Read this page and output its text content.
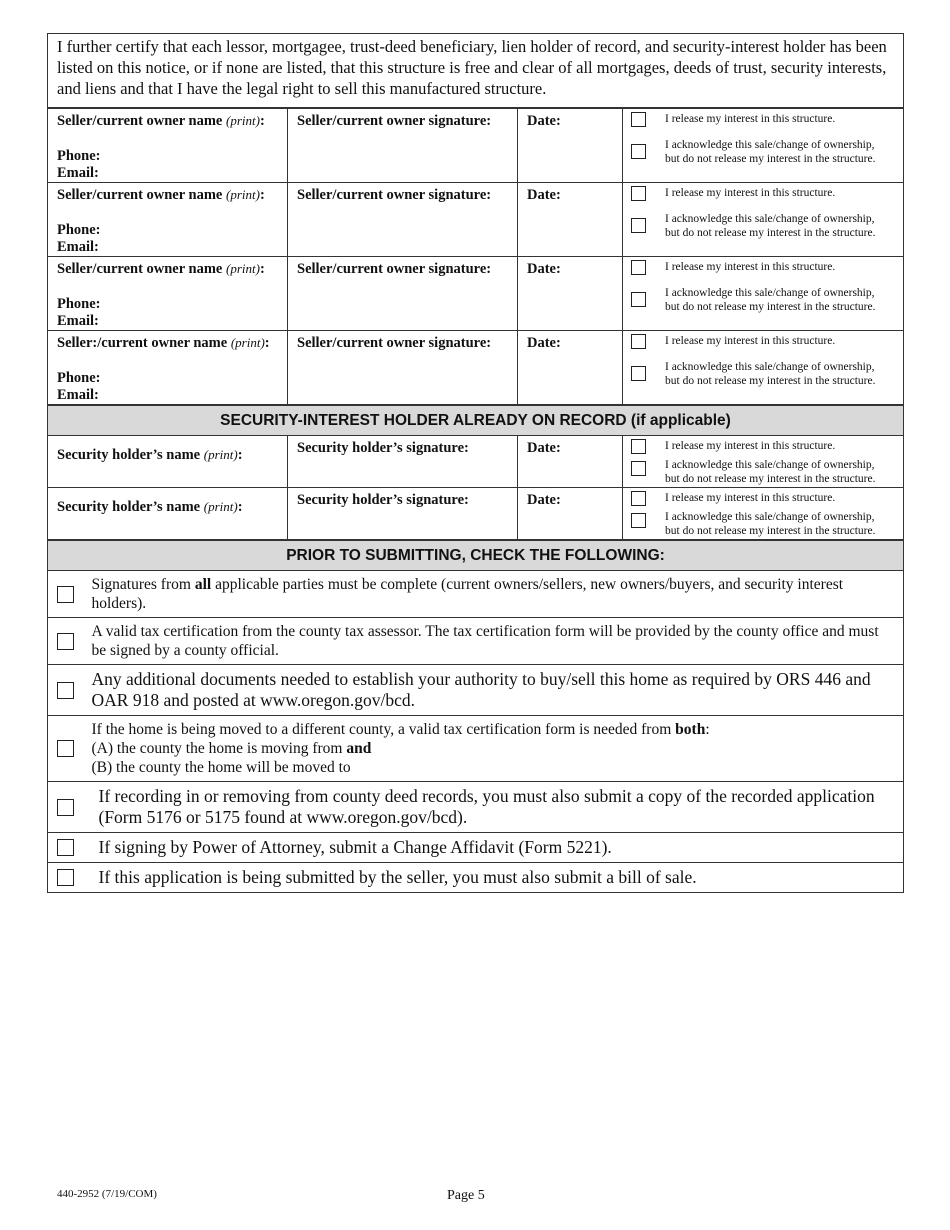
I further certify that each lessor, mortgagee, trust-deed beneficiary, lien holder of record, and security-interest holder has been listed on this notice, or if none are listed, that this structure is free and clear of all mortgages, deeds of trust, security interests, and liens and that I have the legal right to sell this manufactured structure.
Seller/current owner name (print):
Phone:
Email:	Seller/current owner signature:	Date:	I release my interest in this structure.
I acknowledge this sale/change of ownership,
but do not release my interest in the structure.

Seller/current owner name (print):
Phone:
Email:	Seller/current owner signature:	Date:	I release my interest in this structure.
I acknowledge this sale/change of ownership,
but do not release my interest in the structure.

Seller/current owner name (print):
Phone:
Email:	Seller/current owner signature:	Date:	I release my interest in this structure.
I acknowledge this sale/change of ownership,
but do not release my interest in the structure.

Seller:/current owner name (print):
Phone:
Email:	Seller/current owner signature:	Date:	I release my interest in this structure.
I acknowledge this sale/change of ownership,
but do not release my interest in the structure.
SECURITY-INTEREST HOLDER ALREADY ON RECORD (if applicable)			

Security holder’s name (print):	Security holder’s signature:	Date:	I release my interest in this structure.
I acknowledge this sale/change of ownership,
but do not release my interest in the structure.

Security holder’s name (print):	Security holder’s signature:	Date:	I release my interest in this structure.
I acknowledge this sale/change of ownership,
but do not release my interest in the structure.
PRIOR TO SUBMITTING, CHECK THE FOLLOWING:	

	Signatures from all applicable parties must be complete (current owners/sellers, new owners/buyers, and security interest holders).

	A valid tax certification from the county tax assessor. The tax certification form will be provided by the county office and must be signed by a county official.

	Any additional documents needed to establish your authority to buy/sell this home as required by ORS 446 and OAR 918 and posted at www.oregon.gov/bcd.

	If the home is being moved to a different county, a valid tax certification form is needed from both:
(A) the county the home is moving from and
(B) the county the home will be moved to

	If recording in or removing from county deed records, you must also submit a copy of the recorded application (Form 5176 or 5175 found at www.oregon.gov/bcd).

	If signing by Power of Attorney, submit a Change Affidavit (Form 5221).

	If this application is being submitted by the seller, you must also submit a bill of sale.
440-2952 (7/19/COM)	Page 5
